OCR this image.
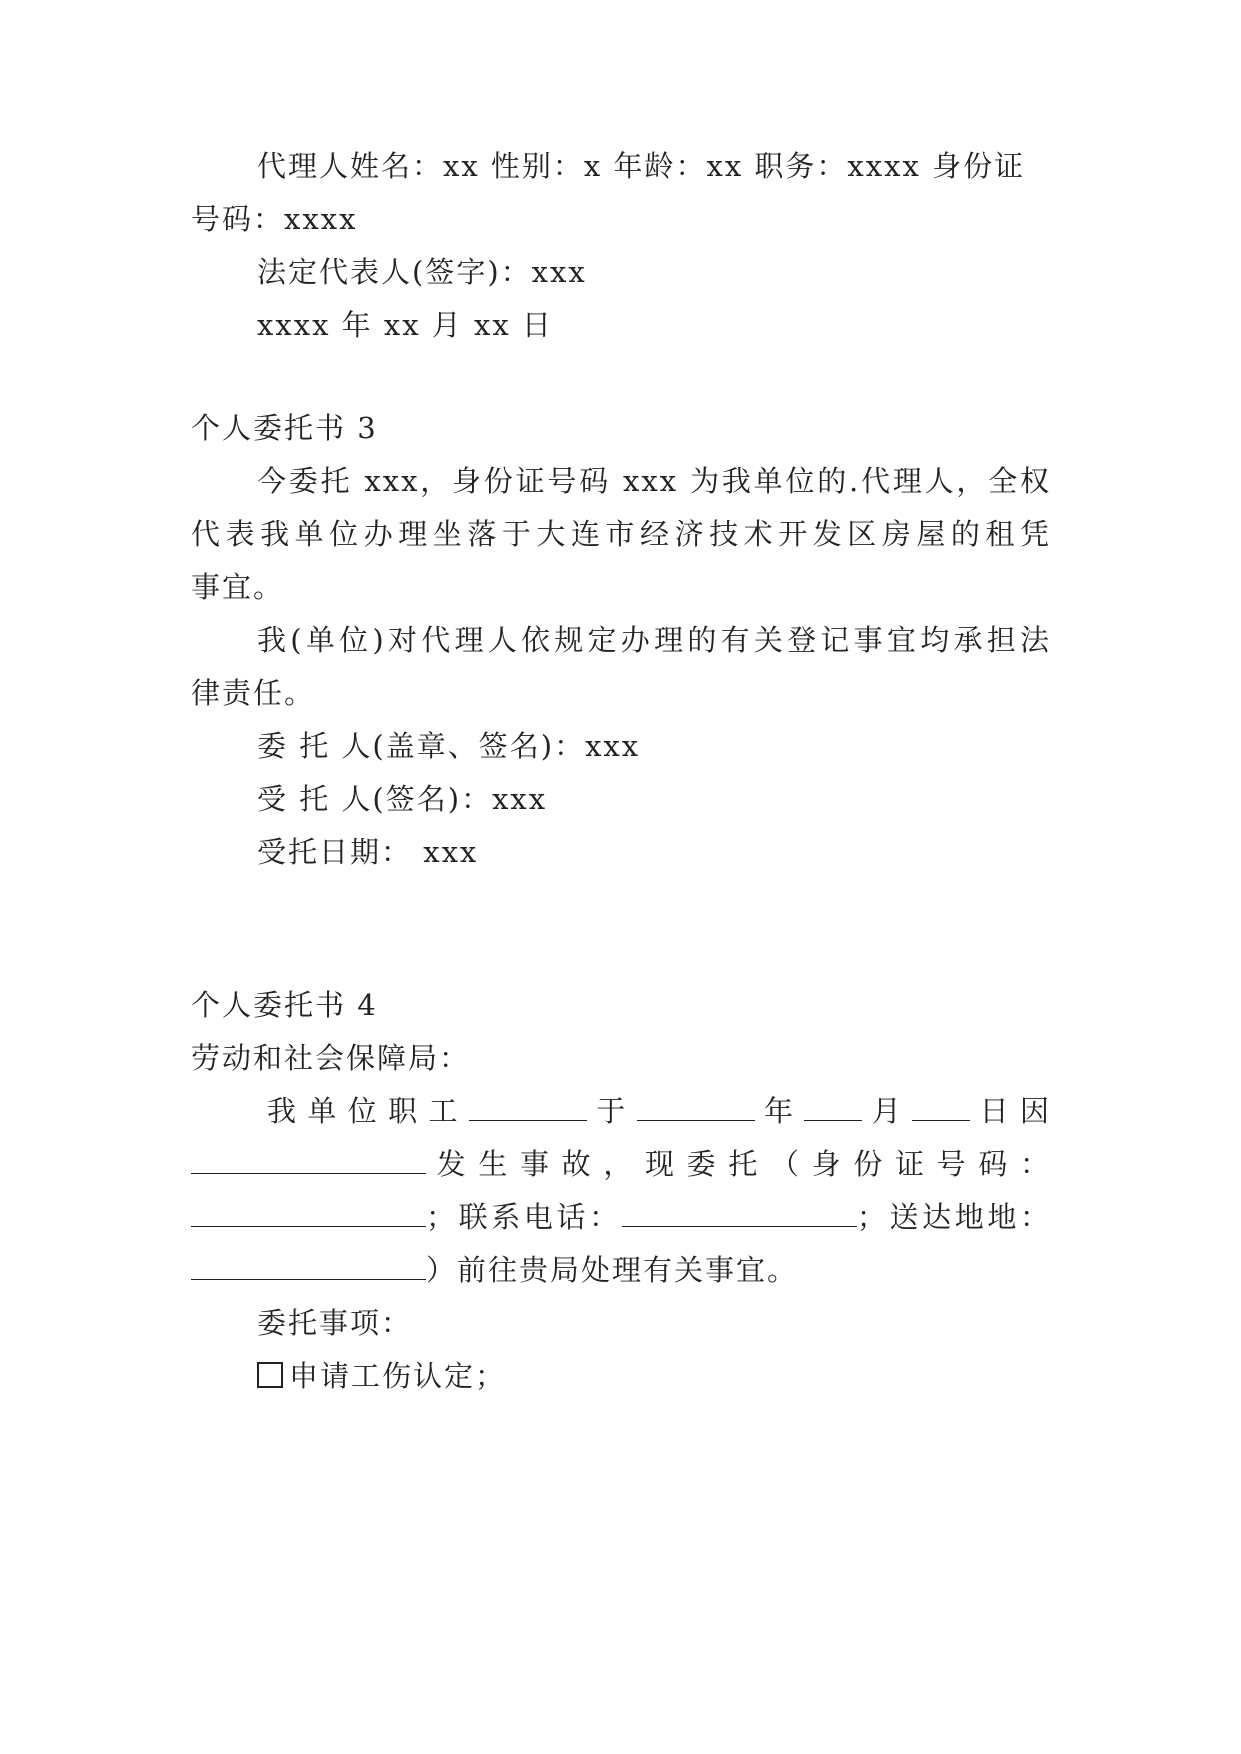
代理人姓名：xx 性别：x 年龄：xx 职务：xxxx 身份证
号码：xxxx
法定代表人(签字)：xxx
xxxx 年 xx 月 xx 日
个人委托书 3
今委托 xxx，身份证号码 xxx 为我单位的.代理人，全权
代表我单位办理坐落于大连市经济技术开发区房屋的租凭
事宜。
我(单位)对代理人依规定办理的有关登记事宜均承担法
律责任。
委 托 人(盖章、签名)：xxx
受 托 人(签名)：xxx
受托日期： xxx
个人委托书 4
劳动和社会保障局：
我单位职工	于	年 月 日因
发生事故，现委托（身份证号码：
；联系电话：	；送达地地：
）前往贵局处理有关事宜。
委托事项：
申请工伤认定；
